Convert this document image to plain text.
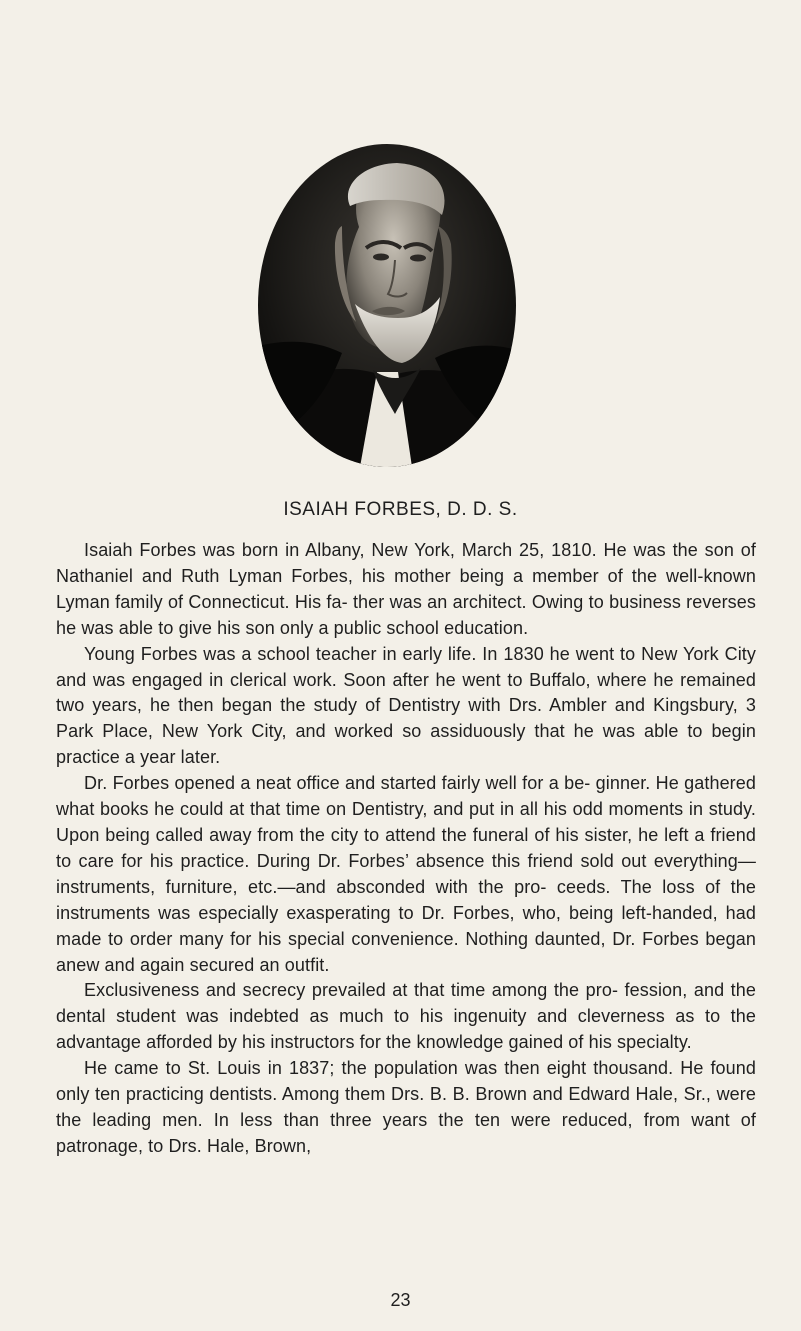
ISAIAH FORBES, D. D. S.

Isaiah Forbes was born in Albany, New York, March 25, 1810. He was the son of Nathaniel and Ruth Lyman Forbes, his mother being a member of the well-known Lyman family of Connecticut. His fa- ther was an architect. Owing to business reverses he was able to give his son only a public school education.

Young Forbes was a school teacher in early life. In 1830 he went to New York City and was engaged in clerical work. Soon after he went to Buffalo, where he remained two years, he then began the study of Dentistry with Drs. Ambler and Kingsbury, 3 Park Place, New York City, and worked so assiduously that he was able to begin practice a year later.

Dr. Forbes opened a neat office and started fairly well for a be- ginner. He gathered what books he could at that time on Dentistry, and put in all his odd moments in study. Upon being called away from the city to attend the funeral of his sister, he left a friend to care for his practice. During Dr. Forbes’ absence this friend sold out everything—instruments, furniture, etc.—and absconded with the pro- ceeds. The loss of the instruments was especially exasperating to Dr. Forbes, who, being left-handed, had made to order many for his special convenience. Nothing daunted, Dr. Forbes began anew and again secured an outfit.

Exclusiveness and secrecy prevailed at that time among the pro- fession, and the dental student was indebted as much to his ingenuity and cleverness as to the advantage afforded by his instructors for the knowledge gained of his specialty.

He came to St. Louis in 1837; the population was then eight thousand. He found only ten practicing dentists. Among them Drs. B. B. Brown and Edward Hale, Sr., were the leading men. In less than three years the ten were reduced, from want of patronage, to Drs. Hale, Brown,

23
